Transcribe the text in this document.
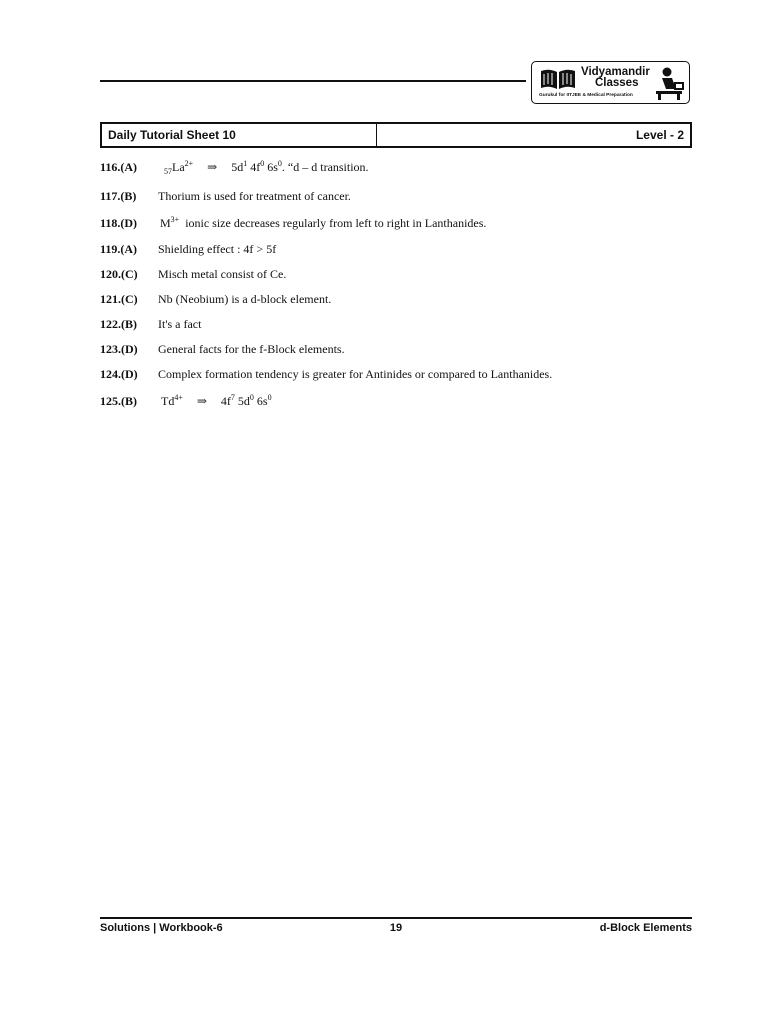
Vidyamandir
Classes
Gurukul for IITJEE & Medical Preparation
Daily Tutorial Sheet 10	Level - 2
116.(A)	$_{57}La^{2+}$ ⇒ $5d^1$ $4f^0$ $6s^0$. “d – d transition.
117.(B)	Thorium is used for treatment of cancer.
118.(D)	$M^{3+}$ ionic size decreases regularly from left to right in Lanthanides.
119.(A)	Shielding effect : 4f > 5f
120.(C)	Misch metal consist of Ce.
121.(C)	Nb (Neobium) is a d-block element.
122.(B)	It's a fact
123.(D)	General facts for the f-Block elements.
124.(D)	Complex formation tendency is greater for Antinides or compared to Lanthanides.
125.(B)	$Td^{4+}$ ⇒ $4f^7$ $5d^0$ $6s^0$
Solutions | Workbook-6	19	d-Block Elements
